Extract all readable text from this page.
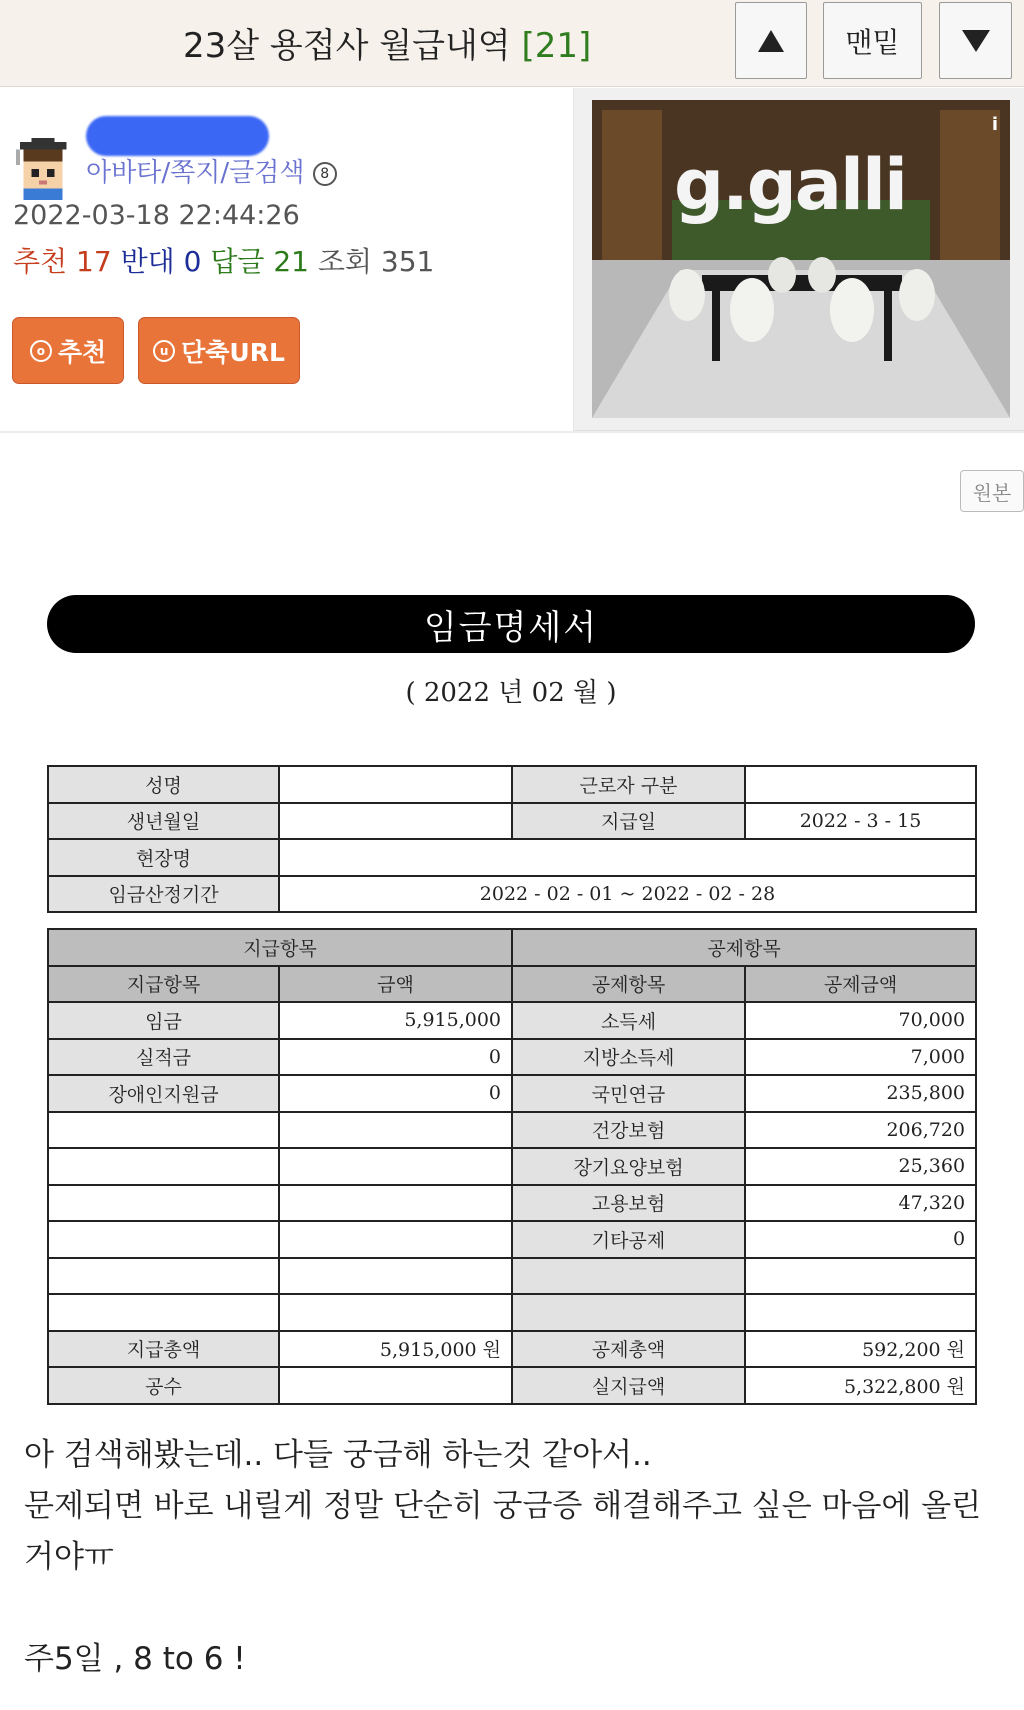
23살 용접사 월급내역 [21]	맨밑
아바타/쪽지/글검색 8
2022-03-18 22:44:26
추천 17 반대 0 답글 21 조회 351
o 추천	u 단축URL
g.galli
i
원본
임금명세서
( 2022 년 02 월 )
성명		근로자 구분	
생년월일		지급일	2022 - 3 - 15
현장명			
임금산정기간	2022 - 02 - 01 ~ 2022 - 02 - 28		
지급항목		공제항목	
지급항목	금액	공제항목	공제금액
임금	5,915,000	소득세	70,000
실적금	0	지방소득세	7,000
장애인지원금	0	국민연금	235,800
		건강보험	206,720
		장기요양보험	25,360
		고용보험	47,320
		기타공제	0

지급총액	5,915,000 원	공제총액	592,200 원
공수		실지급액	5,322,800 원

아 검색해봤는데.. 다들 궁금해 하는것 같아서..

문제되면 바로 내릴게 정말 단순히 궁금증 해결해주고 싶은 마음에 올린 거야ㅠ

주5일 , 8 to 6 !
